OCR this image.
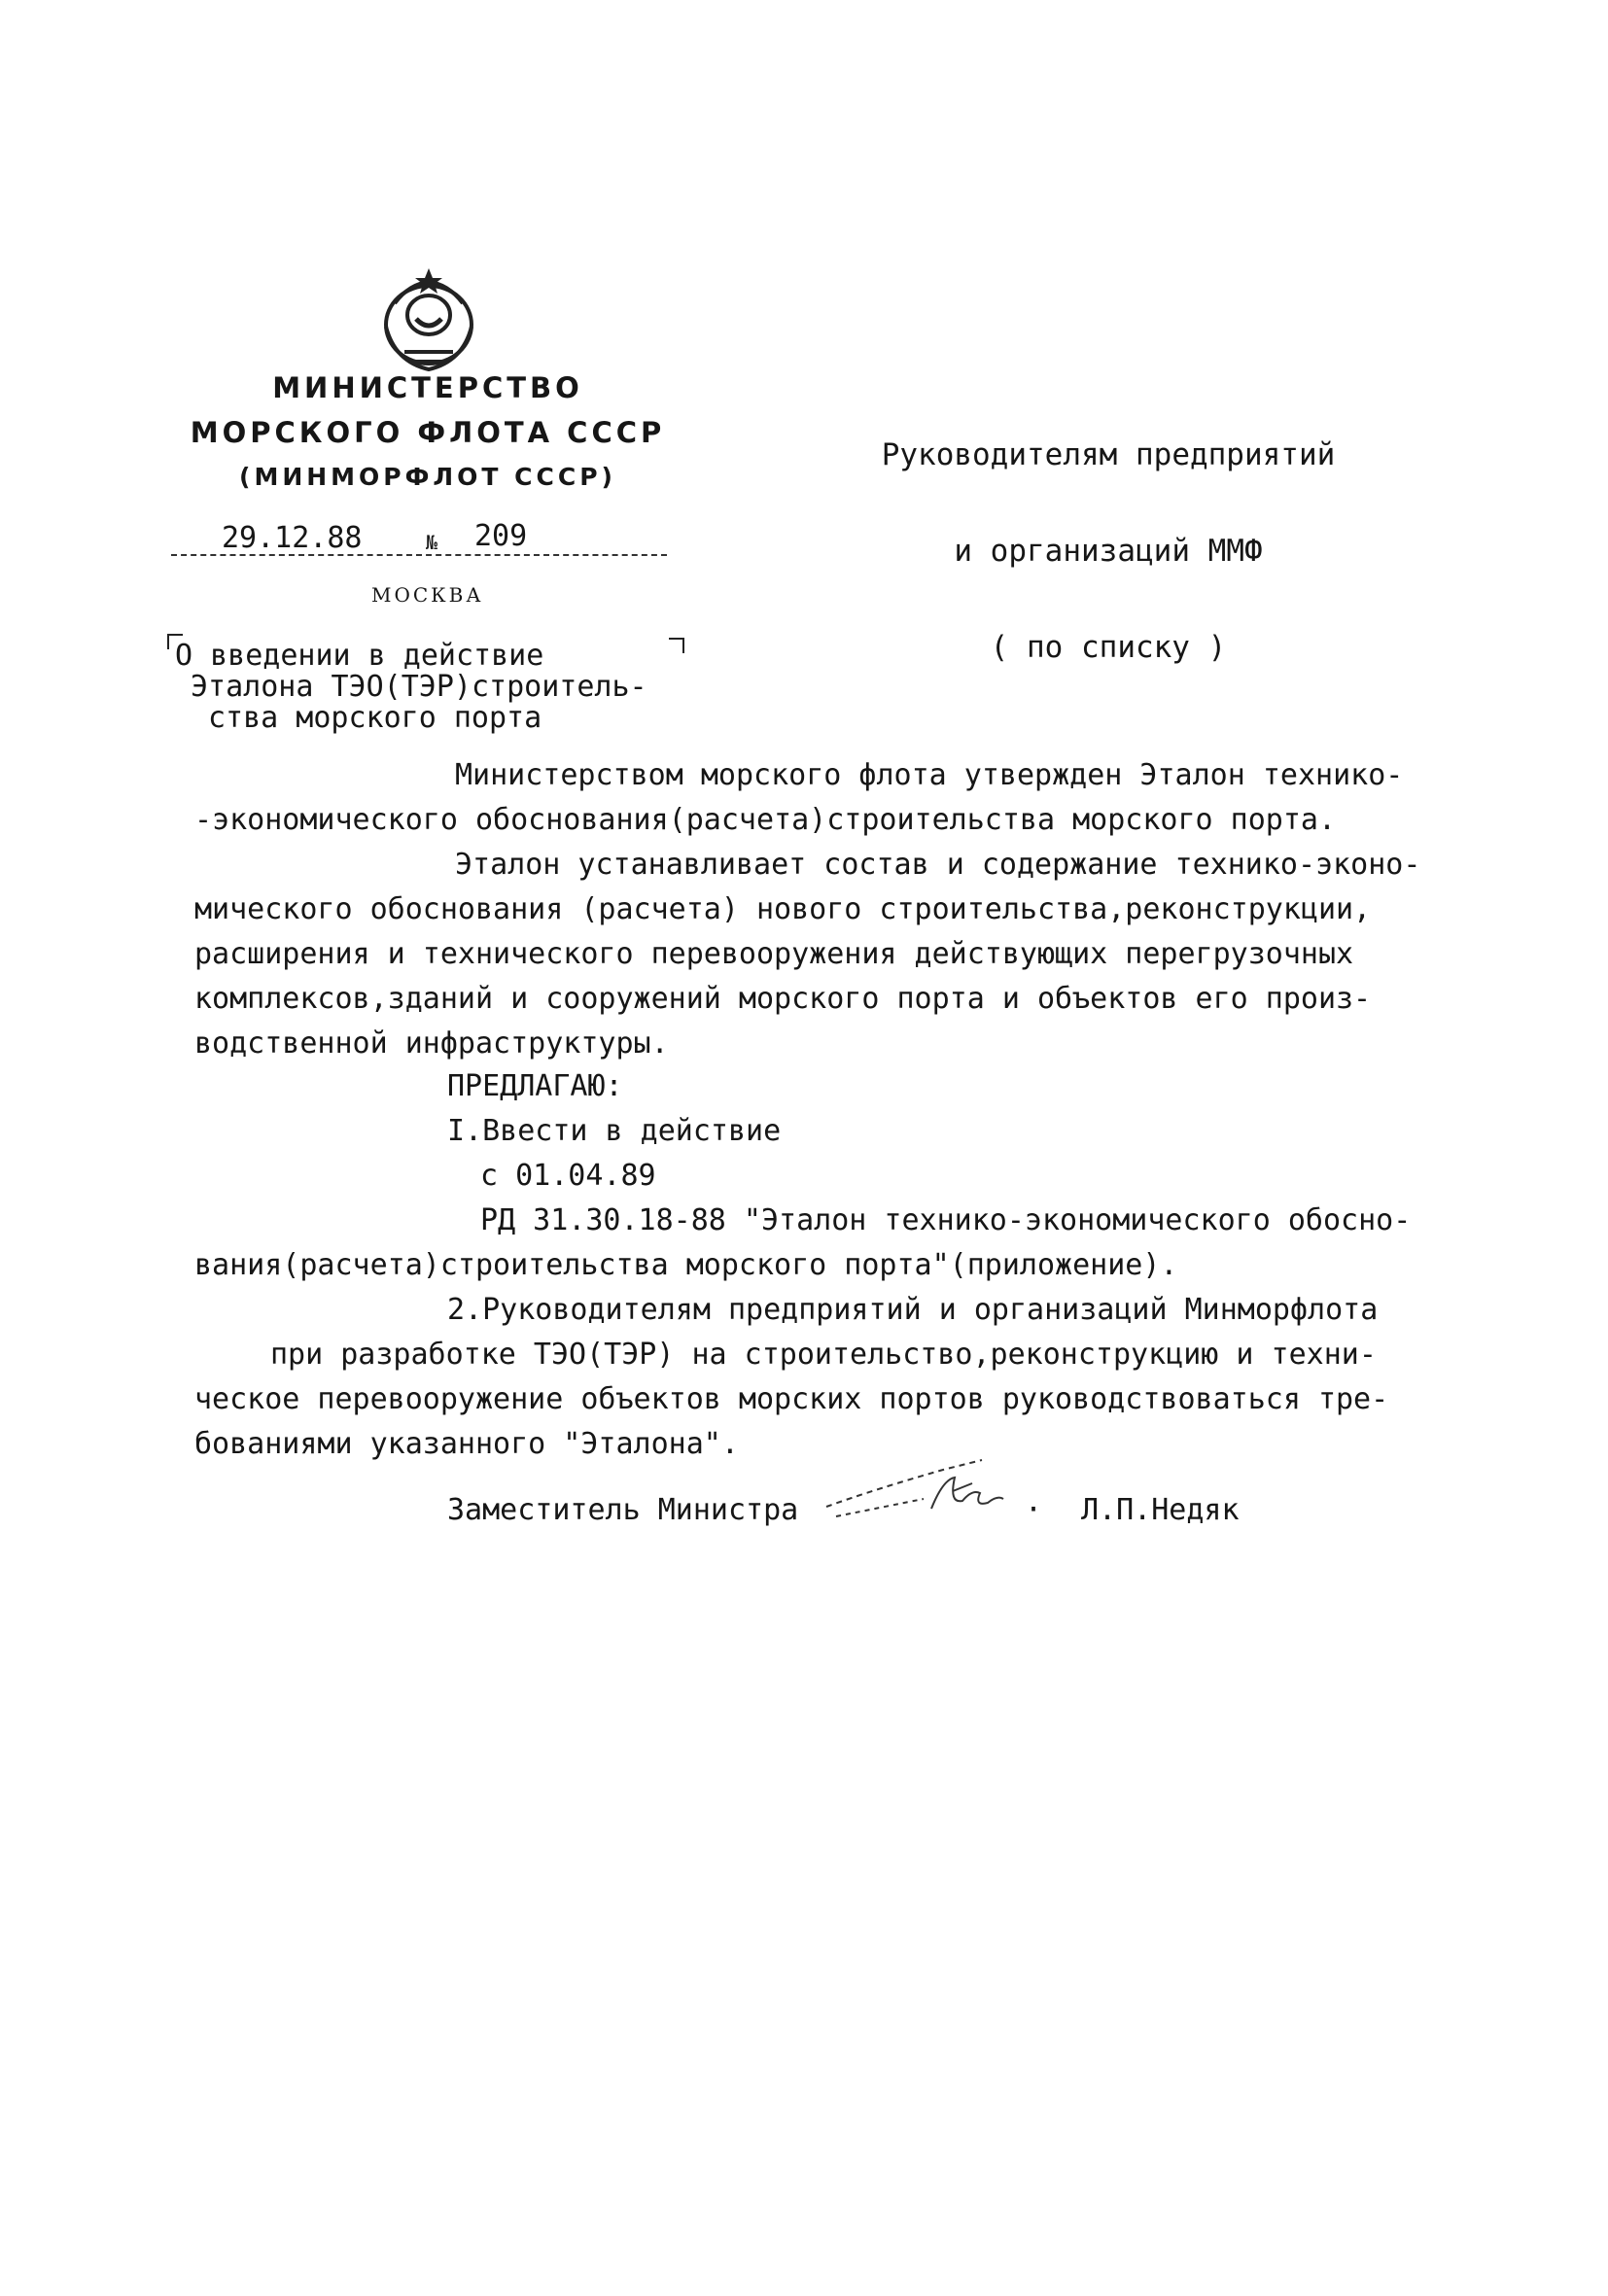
МИНИСТЕРСТВО
МОРСКОГО ФЛОТА СССР
(МИНМОРФЛОТ СССР)
29.12.88	№ 209
МОСКВА

Руководителям предприятий

и организаций ММФ

( по списку )

О введении в действие
Эталона ТЭО(ТЭР)строитель-
ства морского порта
Министерством морского флота утвержден Эталон технико-
-экономического обоснования(расчета)строительства морского порта.
Эталон устанавливает состав и содержание технико-эконо-
мического обоснования (расчета) нового строительства,реконструкции,
расширения и технического перевооружения действующих перегрузочных
комплексов,зданий и сооружений морского порта и объектов его произ-
водственной инфраструктуры.
ПРЕДЛАГАЮ:
I.Ввести в действие
с 01.04.89
РД 31.30.18-88 "Эталон технико-экономического обосно-
вания(расчета)строительства морского порта"(приложение).
2.Руководителям предприятий и организаций Минморфлота
при разработке ТЭО(ТЭР) на строительство,реконструкцию и техни-
ческое перевооружение объектов морских портов руководствоваться тре-
бованиями указанного "Эталона".
Заместитель Министра	· Л.П.Недяк
